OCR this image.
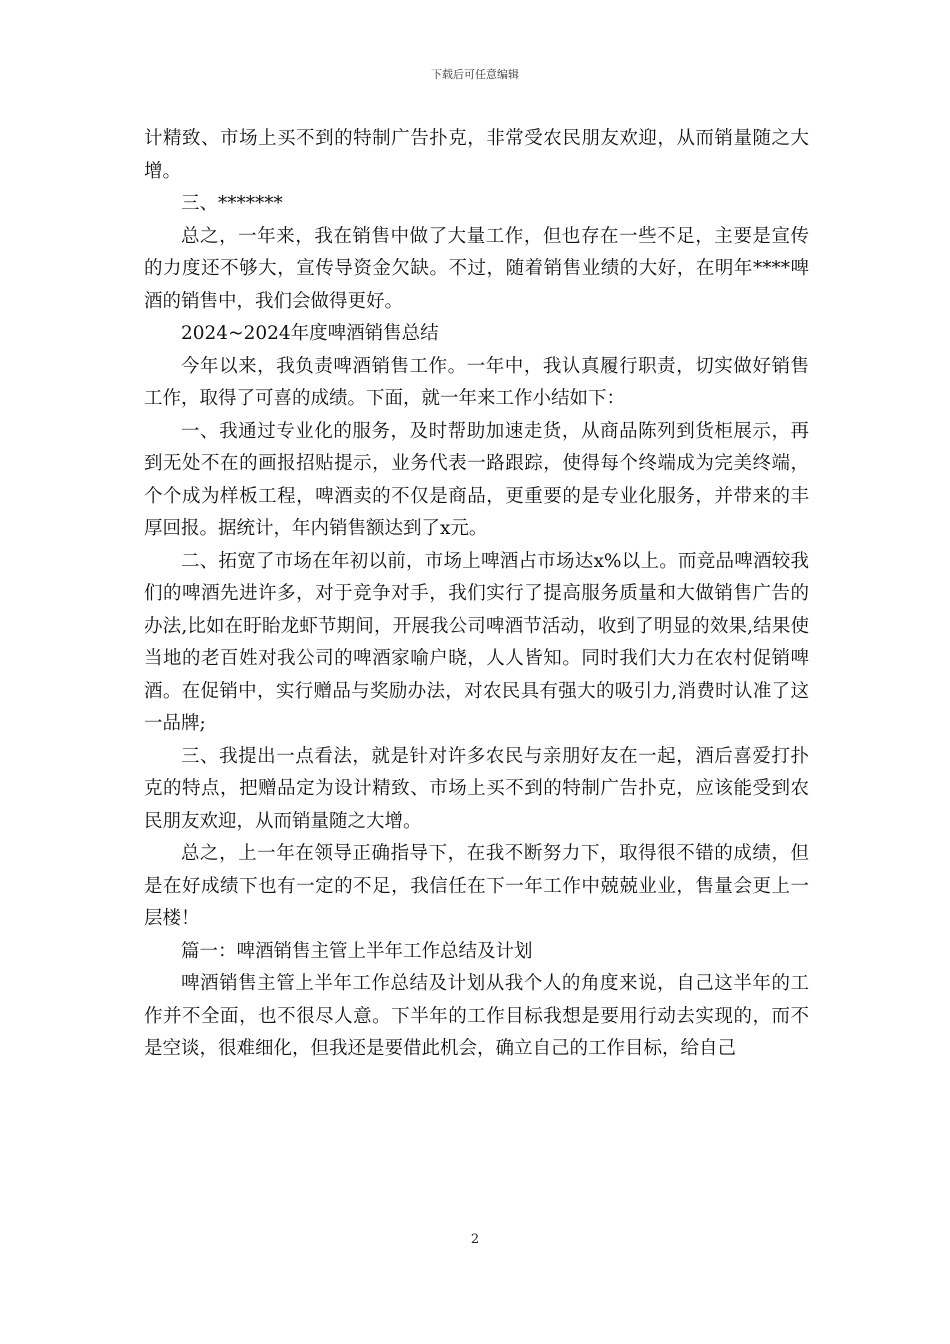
下载后可任意编辑

计精致、市场上买不到的特制广告扑克，非常受农民朋友欢迎，从而销量随之大增。

三、*******

总之，一年来，我在销售中做了大量工作，但也存在一些不足，主要是宣传的力度还不够大，宣传导资金欠缺。不过，随着销售业绩的大好，在明年****啤酒的销售中，我们会做得更好。

2024~2024年度啤酒销售总结

今年以来，我负责啤酒销售工作。一年中，我认真履行职责，切实做好销售工作，取得了可喜的成绩。下面，就一年来工作小结如下：

一、我通过专业化的服务，及时帮助加速走货，从商品陈列到货柜展示，再到无处不在的画报招贴提示，业务代表一路跟踪，使得每个终端成为完美终端，个个成为样板工程，啤酒卖的不仅是商品，更重要的是专业化服务，并带来的丰厚回报。据统计，年内销售额达到了x元。

二、拓宽了市场在年初以前，市场上啤酒占市场达x%以上。而竞品啤酒较我们的啤酒先进许多，对于竞争对手，我们实行了提高服务质量和大做销售广告的办法,比如在盱眙龙虾节期间，开展我公司啤酒节活动，收到了明显的效果,结果使当地的老百姓对我公司的啤酒家喻户晓，人人皆知。同时我们大力在农村促销啤酒。在促销中，实行赠品与奖励办法，对农民具有强大的吸引力,消费时认准了这一品牌;

三、我提出一点看法，就是针对许多农民与亲朋好友在一起，酒后喜爱打扑克的特点，把赠品定为设计精致、市场上买不到的特制广告扑克，应该能受到农民朋友欢迎，从而销量随之大增。

总之，上一年在领导正确指导下，在我不断努力下，取得很不错的成绩，但是在好成绩下也有一定的不足，我信任在下一年工作中兢兢业业，售量会更上一层楼！

篇一：啤酒销售主管上半年工作总结及计划

啤酒销售主管上半年工作总结及计划从我个人的角度来说，自己这半年的工作并不全面，也不很尽人意。下半年的工作目标我想是要用行动去实现的，而不是空谈，很难细化，但我还是要借此机会，确立自己的工作目标，给自己

2
